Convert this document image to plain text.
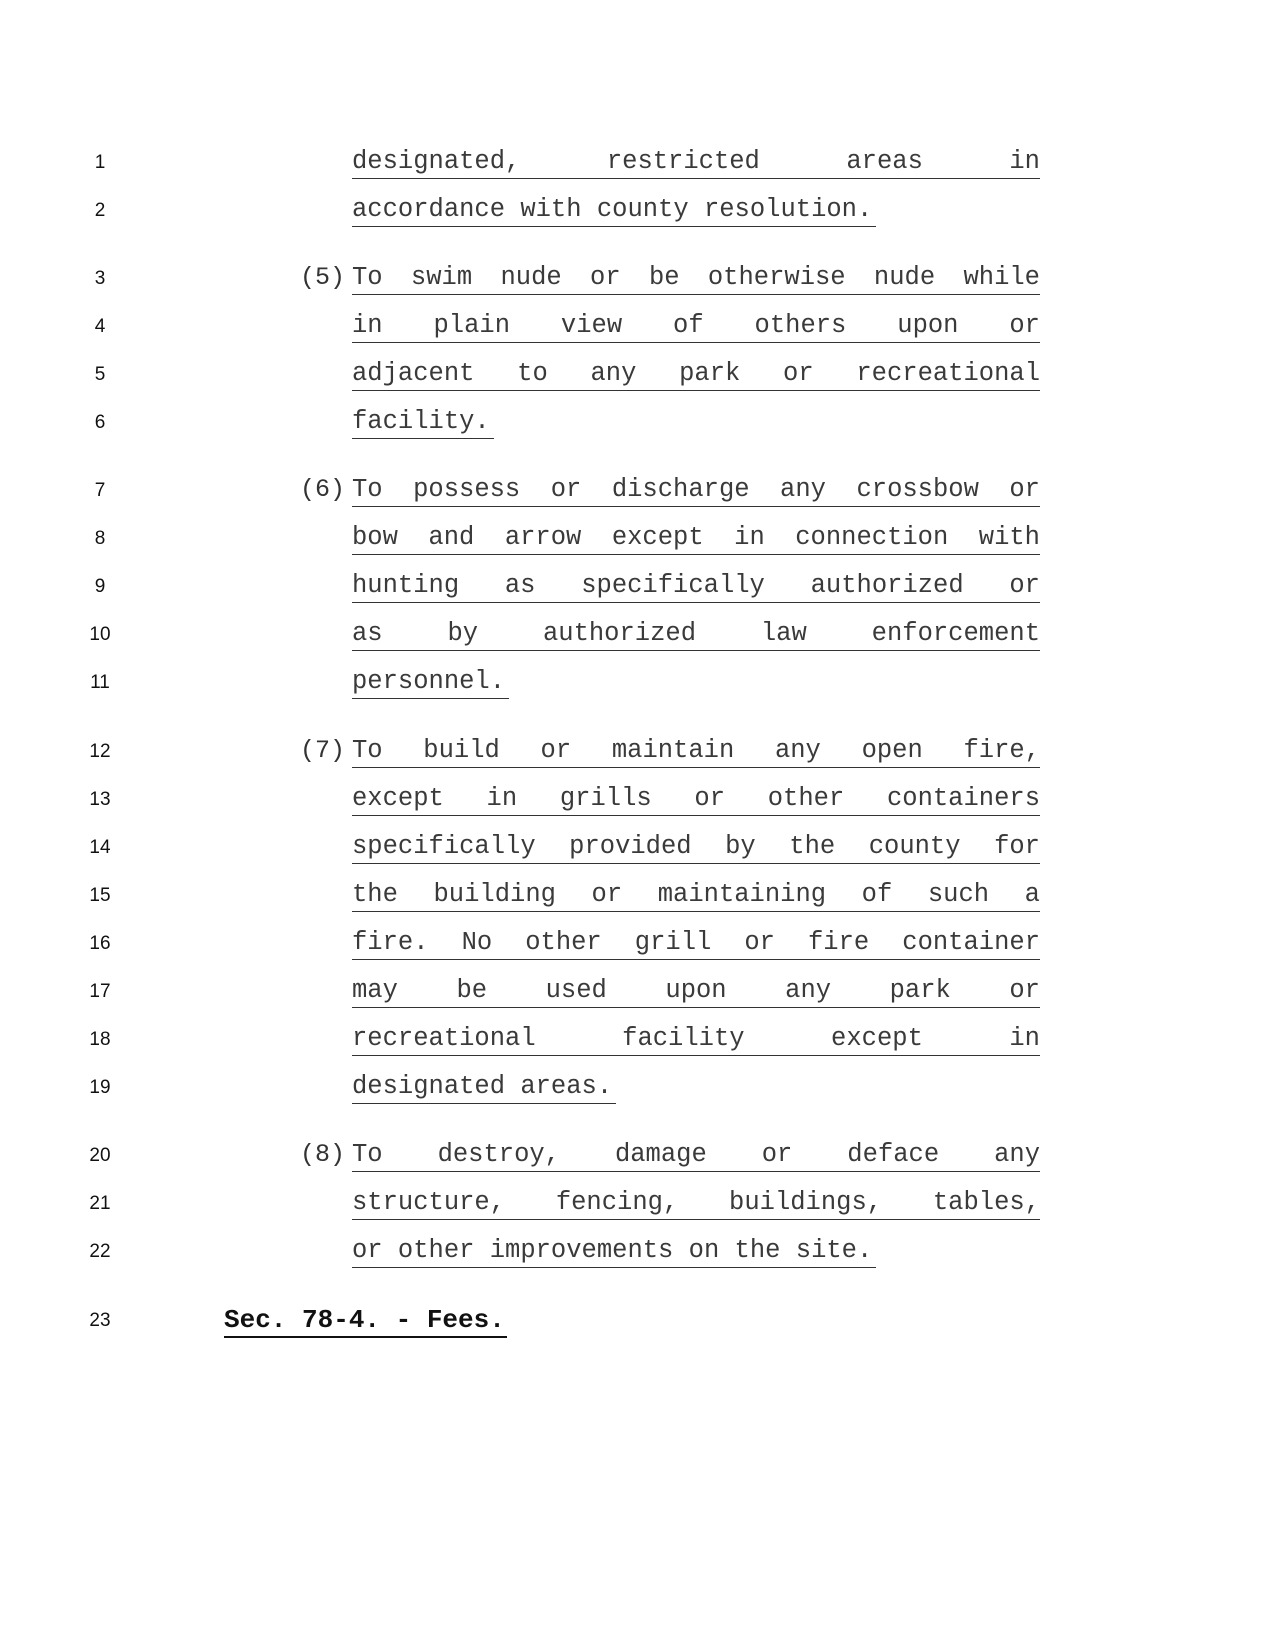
1	designated, restricted areas in
2	accordance with county resolution.
3	(5) To swim nude or be otherwise nude while
4	in plain view of others upon or
5	adjacent to any park or recreational
6	facility.
7	(6) To possess or discharge any crossbow or
8	bow and arrow except in connection with
9	hunting as specifically authorized or
10	as by authorized law enforcement
11	personnel.
12	(7) To build or maintain any open fire,
13	except in grills or other containers
14	specifically provided by the county for
15	the building or maintaining of such a
16	fire. No other grill or fire container
17	may be used upon any park or
18	recreational facility except in
19	designated areas.
20	(8) To destroy, damage or deface any
21	structure, fencing, buildings, tables,
22	or other improvements on the site.
23	Sec. 78-4. - Fees.
